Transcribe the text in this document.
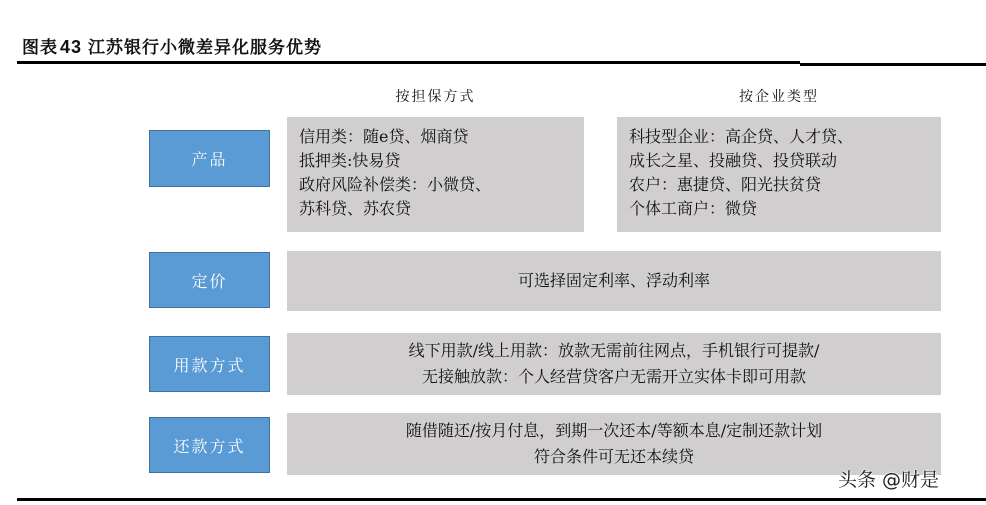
图表 43 江苏银行小微差异化服务优势
按担保方式	按企业类型
产品
信用类：随e贷、烟商贷
抵押类:快易贷
政府风险补偿类：小微贷、
苏科贷、苏农贷
科技型企业：高企贷、人才贷、
成长之星、投融贷、投贷联动
农户：惠捷贷、阳光扶贫贷
个体工商户：微贷
定价	可选择固定利率、浮动利率
用款方式
线下用款/线上用款：放款无需前往网点，手机银行可提款/
无接触放款：个人经营贷客户无需开立实体卡即可用款
还款方式
随借随还/按月付息，到期一次还本/等额本息/定制还款计划
符合条件可无还本续贷
头条 @财是
